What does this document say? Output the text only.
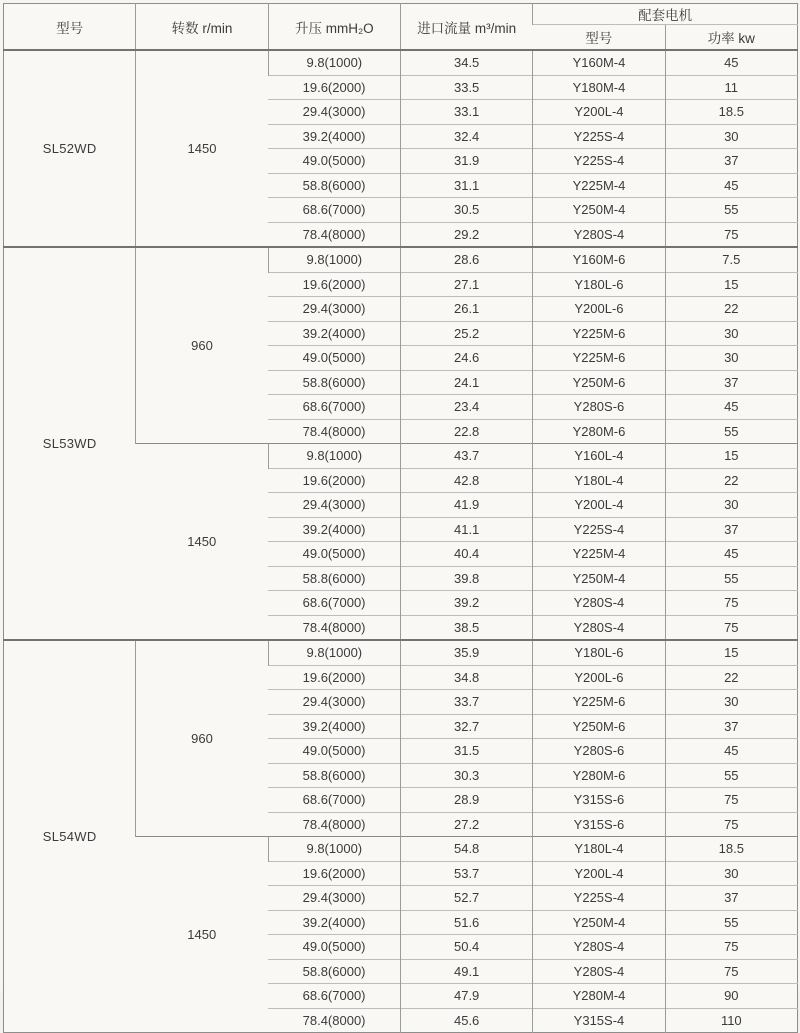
型号	转数 r/min	升压 mmH₂O	进口流量 m³/min	配套电机	
				型号	功率 kw
SL52WD	1450	9.8(1000)	34.5	Y160M-4	45
		19.6(2000)	33.5	Y180M-4	11
		29.4(3000)	33.1	Y200L-4	18.5
		39.2(4000)	32.4	Y225S-4	30
		49.0(5000)	31.9	Y225S-4	37
		58.8(6000)	31.1	Y225M-4	45
		68.6(7000)	30.5	Y250M-4	55
		78.4(8000)	29.2	Y280S-4	75
SL53WD	960	9.8(1000)	28.6	Y160M-6	7.5
		19.6(2000)	27.1	Y180L-6	15
		29.4(3000)	26.1	Y200L-6	22
		39.2(4000)	25.2	Y225M-6	30
		49.0(5000)	24.6	Y225M-6	30
		58.8(6000)	24.1	Y250M-6	37
		68.6(7000)	23.4	Y280S-6	45
		78.4(8000)	22.8	Y280M-6	55
	1450	9.8(1000)	43.7	Y160L-4	15
		19.6(2000)	42.8	Y180L-4	22
		29.4(3000)	41.9	Y200L-4	30
		39.2(4000)	41.1	Y225S-4	37
		49.0(5000)	40.4	Y225M-4	45
		58.8(6000)	39.8	Y250M-4	55
		68.6(7000)	39.2	Y280S-4	75
		78.4(8000)	38.5	Y280S-4	75
SL54WD	960	9.8(1000)	35.9	Y180L-6	15
		19.6(2000)	34.8	Y200L-6	22
		29.4(3000)	33.7	Y225M-6	30
		39.2(4000)	32.7	Y250M-6	37
		49.0(5000)	31.5	Y280S-6	45
		58.8(6000)	30.3	Y280M-6	55
		68.6(7000)	28.9	Y315S-6	75
		78.4(8000)	27.2	Y315S-6	75
	1450	9.8(1000)	54.8	Y180L-4	18.5
		19.6(2000)	53.7	Y200L-4	30
		29.4(3000)	52.7	Y225S-4	37
		39.2(4000)	51.6	Y250M-4	55
		49.0(5000)	50.4	Y280S-4	75
		58.8(6000)	49.1	Y280S-4	75
		68.6(7000)	47.9	Y280M-4	90
		78.4(8000)	45.6	Y315S-4	110
